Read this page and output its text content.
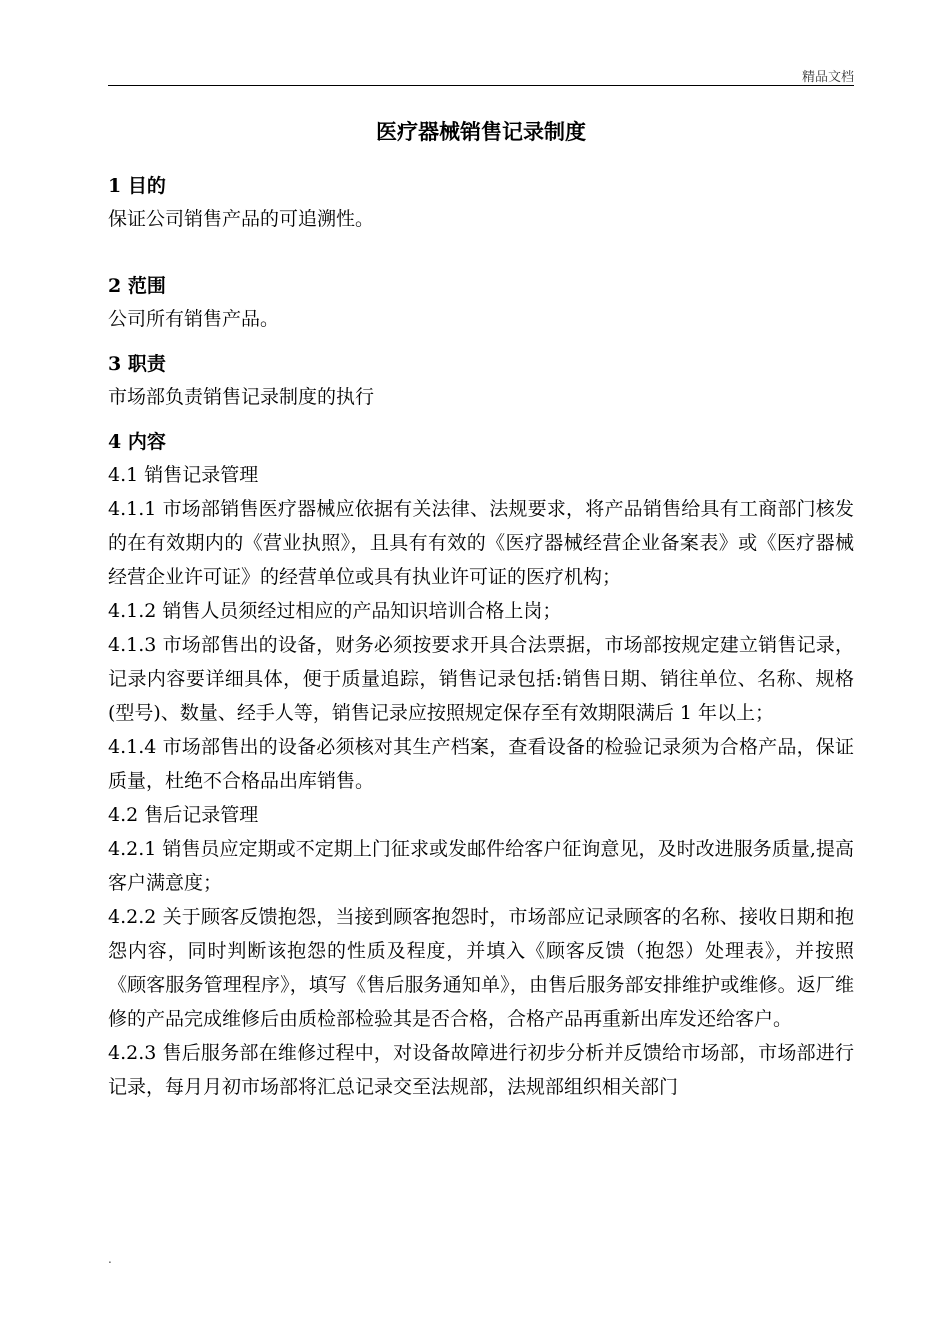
精品文档
医疗器械销售记录制度
1 目的
保证公司销售产品的可追溯性。
2 范围
公司所有销售产品。
3 职责
市场部负责销售记录制度的执行
4 内容
4.1 销售记录管理
4.1.1 市场部销售医疗器械应依据有关法律、法规要求，将产品销售给具有工商部门核发的在有效期内的《营业执照》，且具有有效的《医疗器械经营企业备案表》或《医疗器械经营企业许可证》的经营单位或具有执业许可证的医疗机构；
4.1.2 销售人员须经过相应的产品知识培训合格上岗；
4.1.3 市场部售出的设备，财务必须按要求开具合法票据，市场部按规定建立销售记录，记录内容要详细具体，便于质量追踪，销售记录包括:销售日期、销往单位、名称、规格(型号)、数量、经手人等，销售记录应按照规定保存至有效期限满后 1 年以上；
4.1.4 市场部售出的设备必须核对其生产档案，查看设备的检验记录须为合格产品，保证质量，杜绝不合格品出库销售。
4.2 售后记录管理
4.2.1 销售员应定期或不定期上门征求或发邮件给客户征询意见，及时改进服务质量,提高客户满意度；
4.2.2 关于顾客反馈抱怨，当接到顾客抱怨时，市场部应记录顾客的名称、接收日期和抱怨内容，同时判断该抱怨的性质及程度，并填入《顾客反馈（抱怨）处理表》，并按照《顾客服务管理程序》，填写《售后服务通知单》，由售后服务部安排维护或维修。返厂维修的产品完成维修后由质检部检验其是否合格，合格产品再重新出库发还给客户。
4.2.3 售后服务部在维修过程中，对设备故障进行初步分析并反馈给市场部，市场部进行记录，每月月初市场部将汇总记录交至法规部，法规部组织相关部门
.
